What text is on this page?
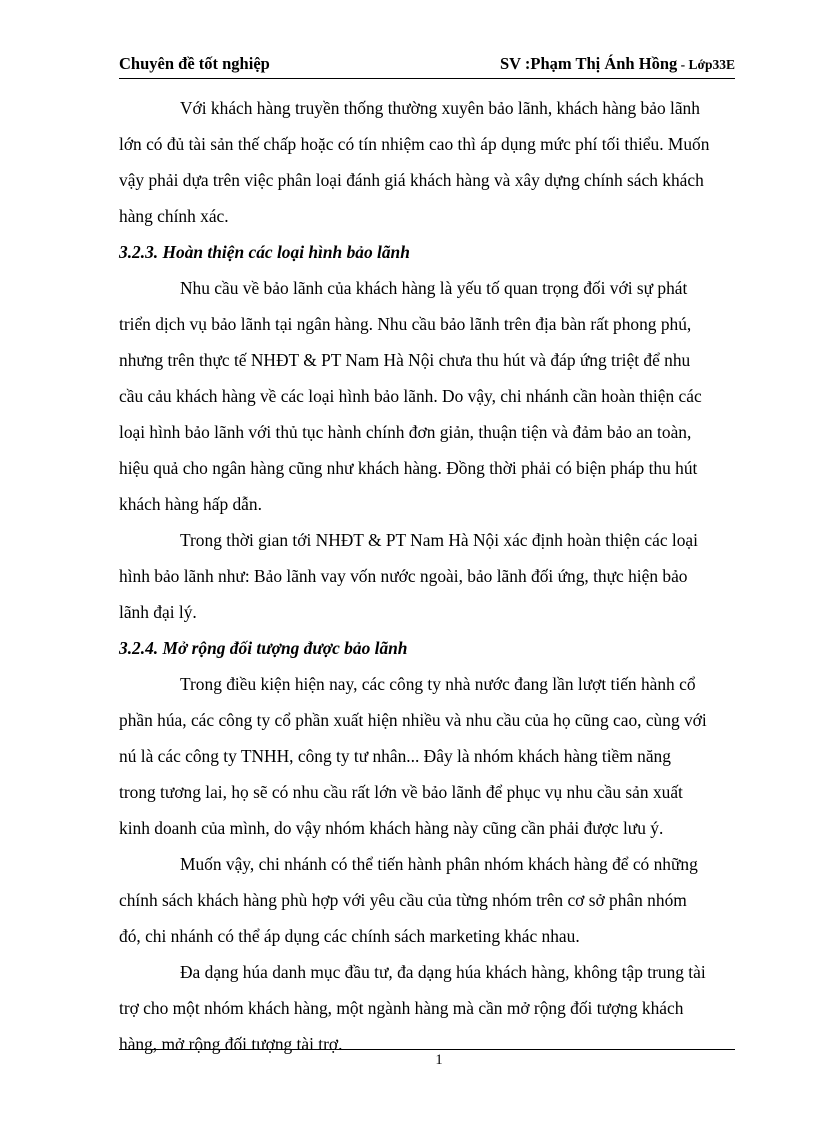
Chuyên đề tốt nghiệp	SV :Phạm Thị Ánh Hồng - Lớp33E

Với khách hàng truyền thống thường xuyên bảo lãnh, khách hàng bảo lãnh
lớn có đủ tài sản thế chấp hoặc có tín nhiệm cao thì áp dụng mức phí tối thiểu. Muốn
vậy phải dựa trên việc phân loại đánh giá khách hàng và xây dựng chính sách khách
hàng chính xác.

3.2.3. Hoàn thiện các loại hình bảo lãnh

Nhu cầu về bảo lãnh của khách hàng là yếu tố quan trọng đối với sự phát
triển dịch vụ bảo lãnh tại ngân hàng. Nhu cầu bảo lãnh trên địa bàn rất phong phú,
nhưng trên thực tế NHĐT & PT Nam Hà Nội chưa thu hút và đáp ứng triệt để nhu
cầu cảu khách hàng về các loại hình bảo lãnh. Do vậy, chi nhánh cần hoàn thiện các
loại hình bảo lãnh với thủ tục hành chính đơn giản, thuận tiện và đảm bảo an toàn,
hiệu quả cho ngân hàng cũng như khách hàng. Đồng thời phải có biện pháp thu hút
khách hàng hấp dẫn.

Trong thời gian tới NHĐT & PT Nam Hà Nội xác định hoàn thiện các loại
hình bảo lãnh như: Bảo lãnh vay vốn nước ngoài, bảo lãnh đối ứng, thực hiện bảo
lãnh đại lý.

3.2.4. Mở rộng đối tượng được bảo lãnh

Trong điều kiện hiện nay, các công ty nhà nước đang lần lượt tiến hành cổ
phần húa, các công ty cổ phần xuất hiện nhiều và nhu cầu của họ cũng cao, cùng với
nú là các công ty TNHH, công ty tư nhân... Đây là nhóm khách hàng tiềm năng
trong tương lai, họ sẽ có nhu cầu rất lớn về bảo lãnh để phục vụ nhu cầu sản xuất
kinh doanh của mình, do vậy nhóm khách hàng này cũng cần phải được lưu ý.

Muốn vậy, chi nhánh có thể tiến hành phân nhóm khách hàng để có những
chính sách khách hàng phù hợp với yêu cầu của từng nhóm trên cơ sở phân nhóm
đó, chi nhánh có thể áp dụng các chính sách marketing khác nhau.

Đa dạng húa danh mục đầu tư, đa dạng húa khách hàng, không tập trung tài
trợ cho một nhóm khách hàng, một ngành hàng mà cần mở rộng đối tượng khách
hàng, mở rộng đối tượng tài trợ.

1
